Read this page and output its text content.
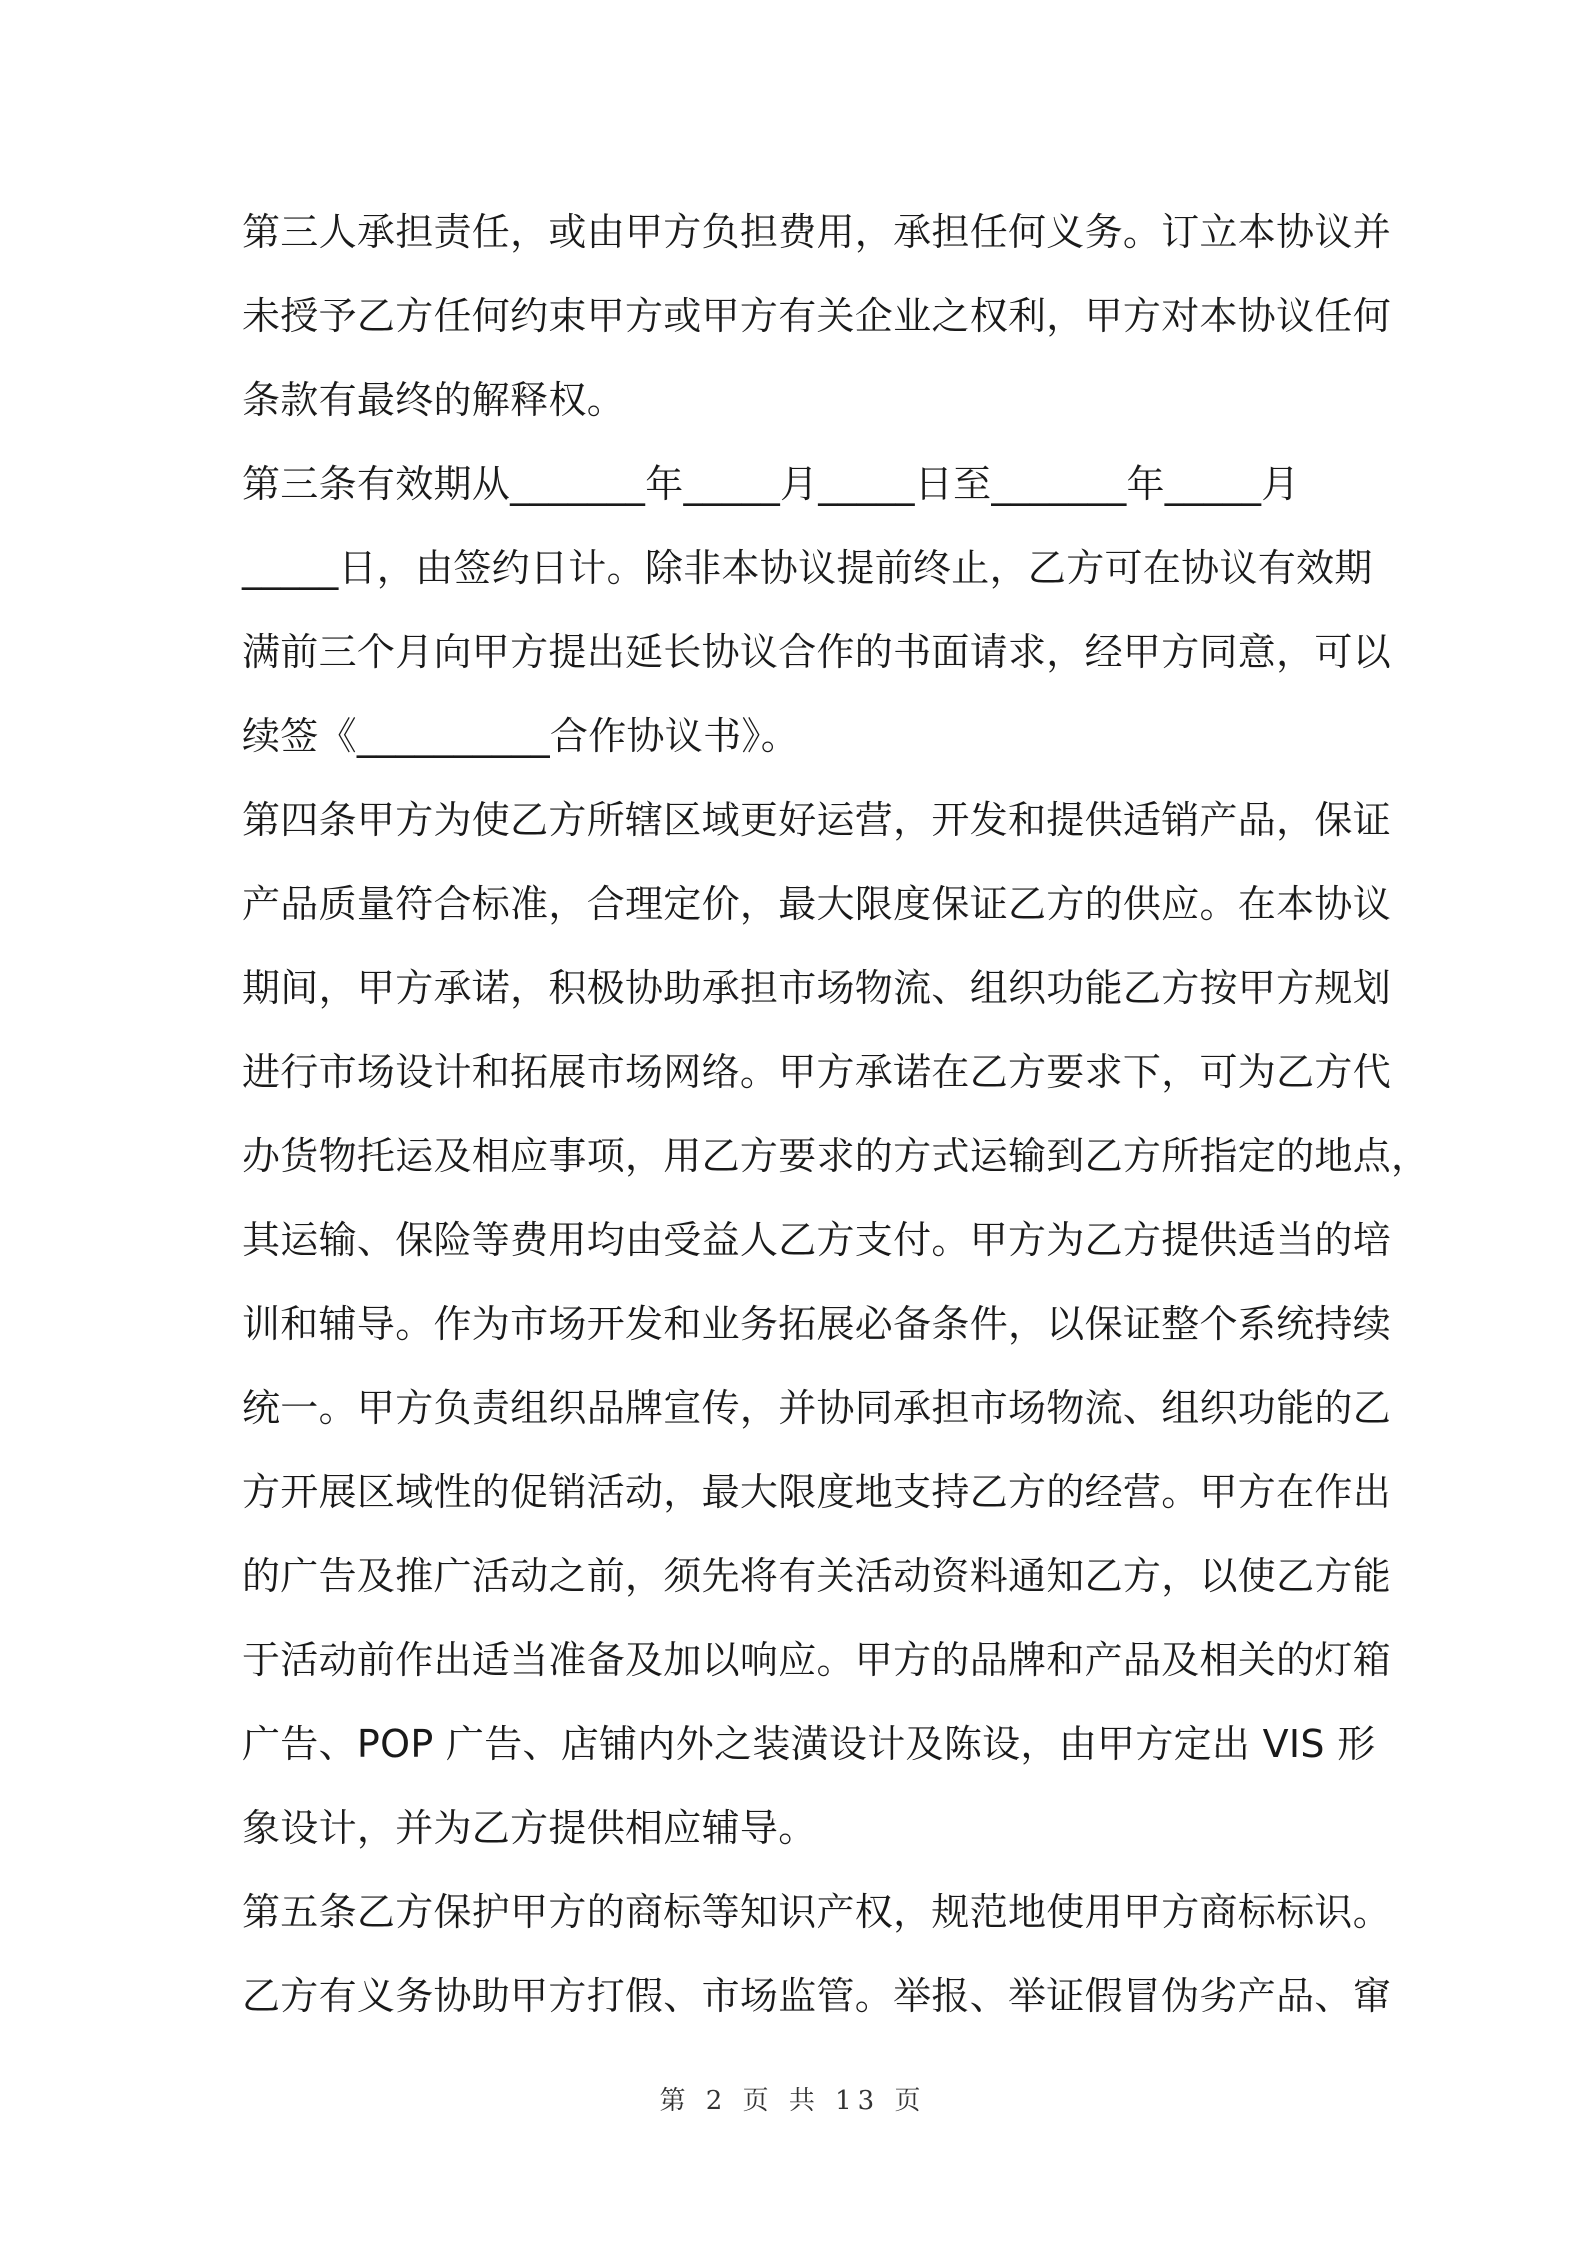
第三人承担责任，或由甲方负担费用，承担任何义务。订立本协议并
未授予乙方任何约束甲方或甲方有关企业之权利，甲方对本协议任何
条款有最终的解释权。
第三条有效期从_______年_____月_____日至_______年_____月
_____日，由签约日计。除非本协议提前终止，乙方可在协议有效期
满前三个月向甲方提出延长协议合作的书面请求，经甲方同意，可以
续签《__________合作协议书》。
第四条甲方为使乙方所辖区域更好运营，开发和提供适销产品，保证
产品质量符合标准，合理定价，最大限度保证乙方的供应。在本协议
期间，甲方承诺，积极协助承担市场物流、组织功能乙方按甲方规划
进行市场设计和拓展市场网络。甲方承诺在乙方要求下，可为乙方代
办货物托运及相应事项，用乙方要求的方式运输到乙方所指定的地点，
其运输、保险等费用均由受益人乙方支付。甲方为乙方提供适当的培
训和辅导。作为市场开发和业务拓展必备条件，以保证整个系统持续
统一。甲方负责组织品牌宣传，并协同承担市场物流、组织功能的乙
方开展区域性的促销活动，最大限度地支持乙方的经营。甲方在作出
的广告及推广活动之前，须先将有关活动资料通知乙方，以使乙方能
于活动前作出适当准备及加以响应。甲方的品牌和产品及相关的灯箱
广告、POP 广告、店铺内外之装潢设计及陈设，由甲方定出 VIS 形
象设计，并为乙方提供相应辅导。
第五条乙方保护甲方的商标等知识产权，规范地使用甲方商标标识。
乙方有义务协助甲方打假、市场监管。举报、举证假冒伪劣产品、窜
第 2 页 共 13 页
